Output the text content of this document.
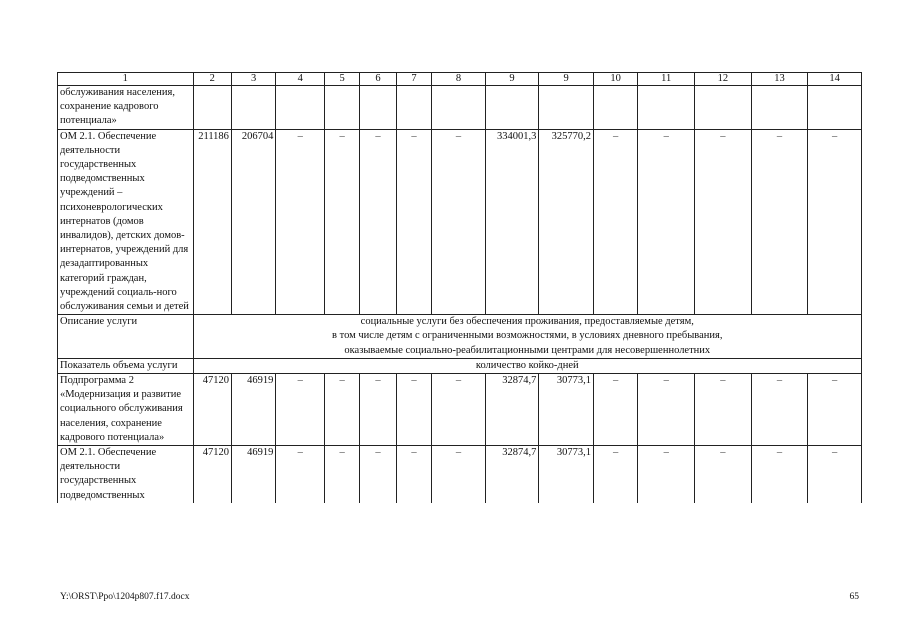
1	2	3	4	5	6	7	8	9	9	10	11	12	13	14
обслуживания населения, сохранение кадрового потенциала»														
ОМ 2.1. Обеспечение деятельности государственных подведомственных учреждений – психоневрологических интернатов (домов инвалидов), детских домов-интернатов, учреждений для дезадаптированных категорий граждан, учреждений социаль-ного обслуживания семьи и детей	211186	206704	–	–	–	–	–	334001,3	325770,2	–	–	–	–	–
Описание услуги	социальные услуги без обеспечения проживания, предоставляемые детям,
в том числе детям с ограниченными возможностями, в условиях дневного пребывания,
оказываемые социально-реабилитационными центрами для несовершеннолетних													

Показатель объема услуги	количество койко-дней													
Подпрограмма 2 «Модернизация и развитие социального обслуживания населения, сохранение кадрового потенциала»	47120	46919	–	–	–	–	–	32874,7	30773,1	–	–	–	–	–
ОМ 2.1. Обеспечение деятельности государственных подведомственных	47120	46919	–	–	–	–	–	32874,7	30773,1	–	–	–	–	–
Y:\ORST\Ppo\1204p807.f17.docx	65
